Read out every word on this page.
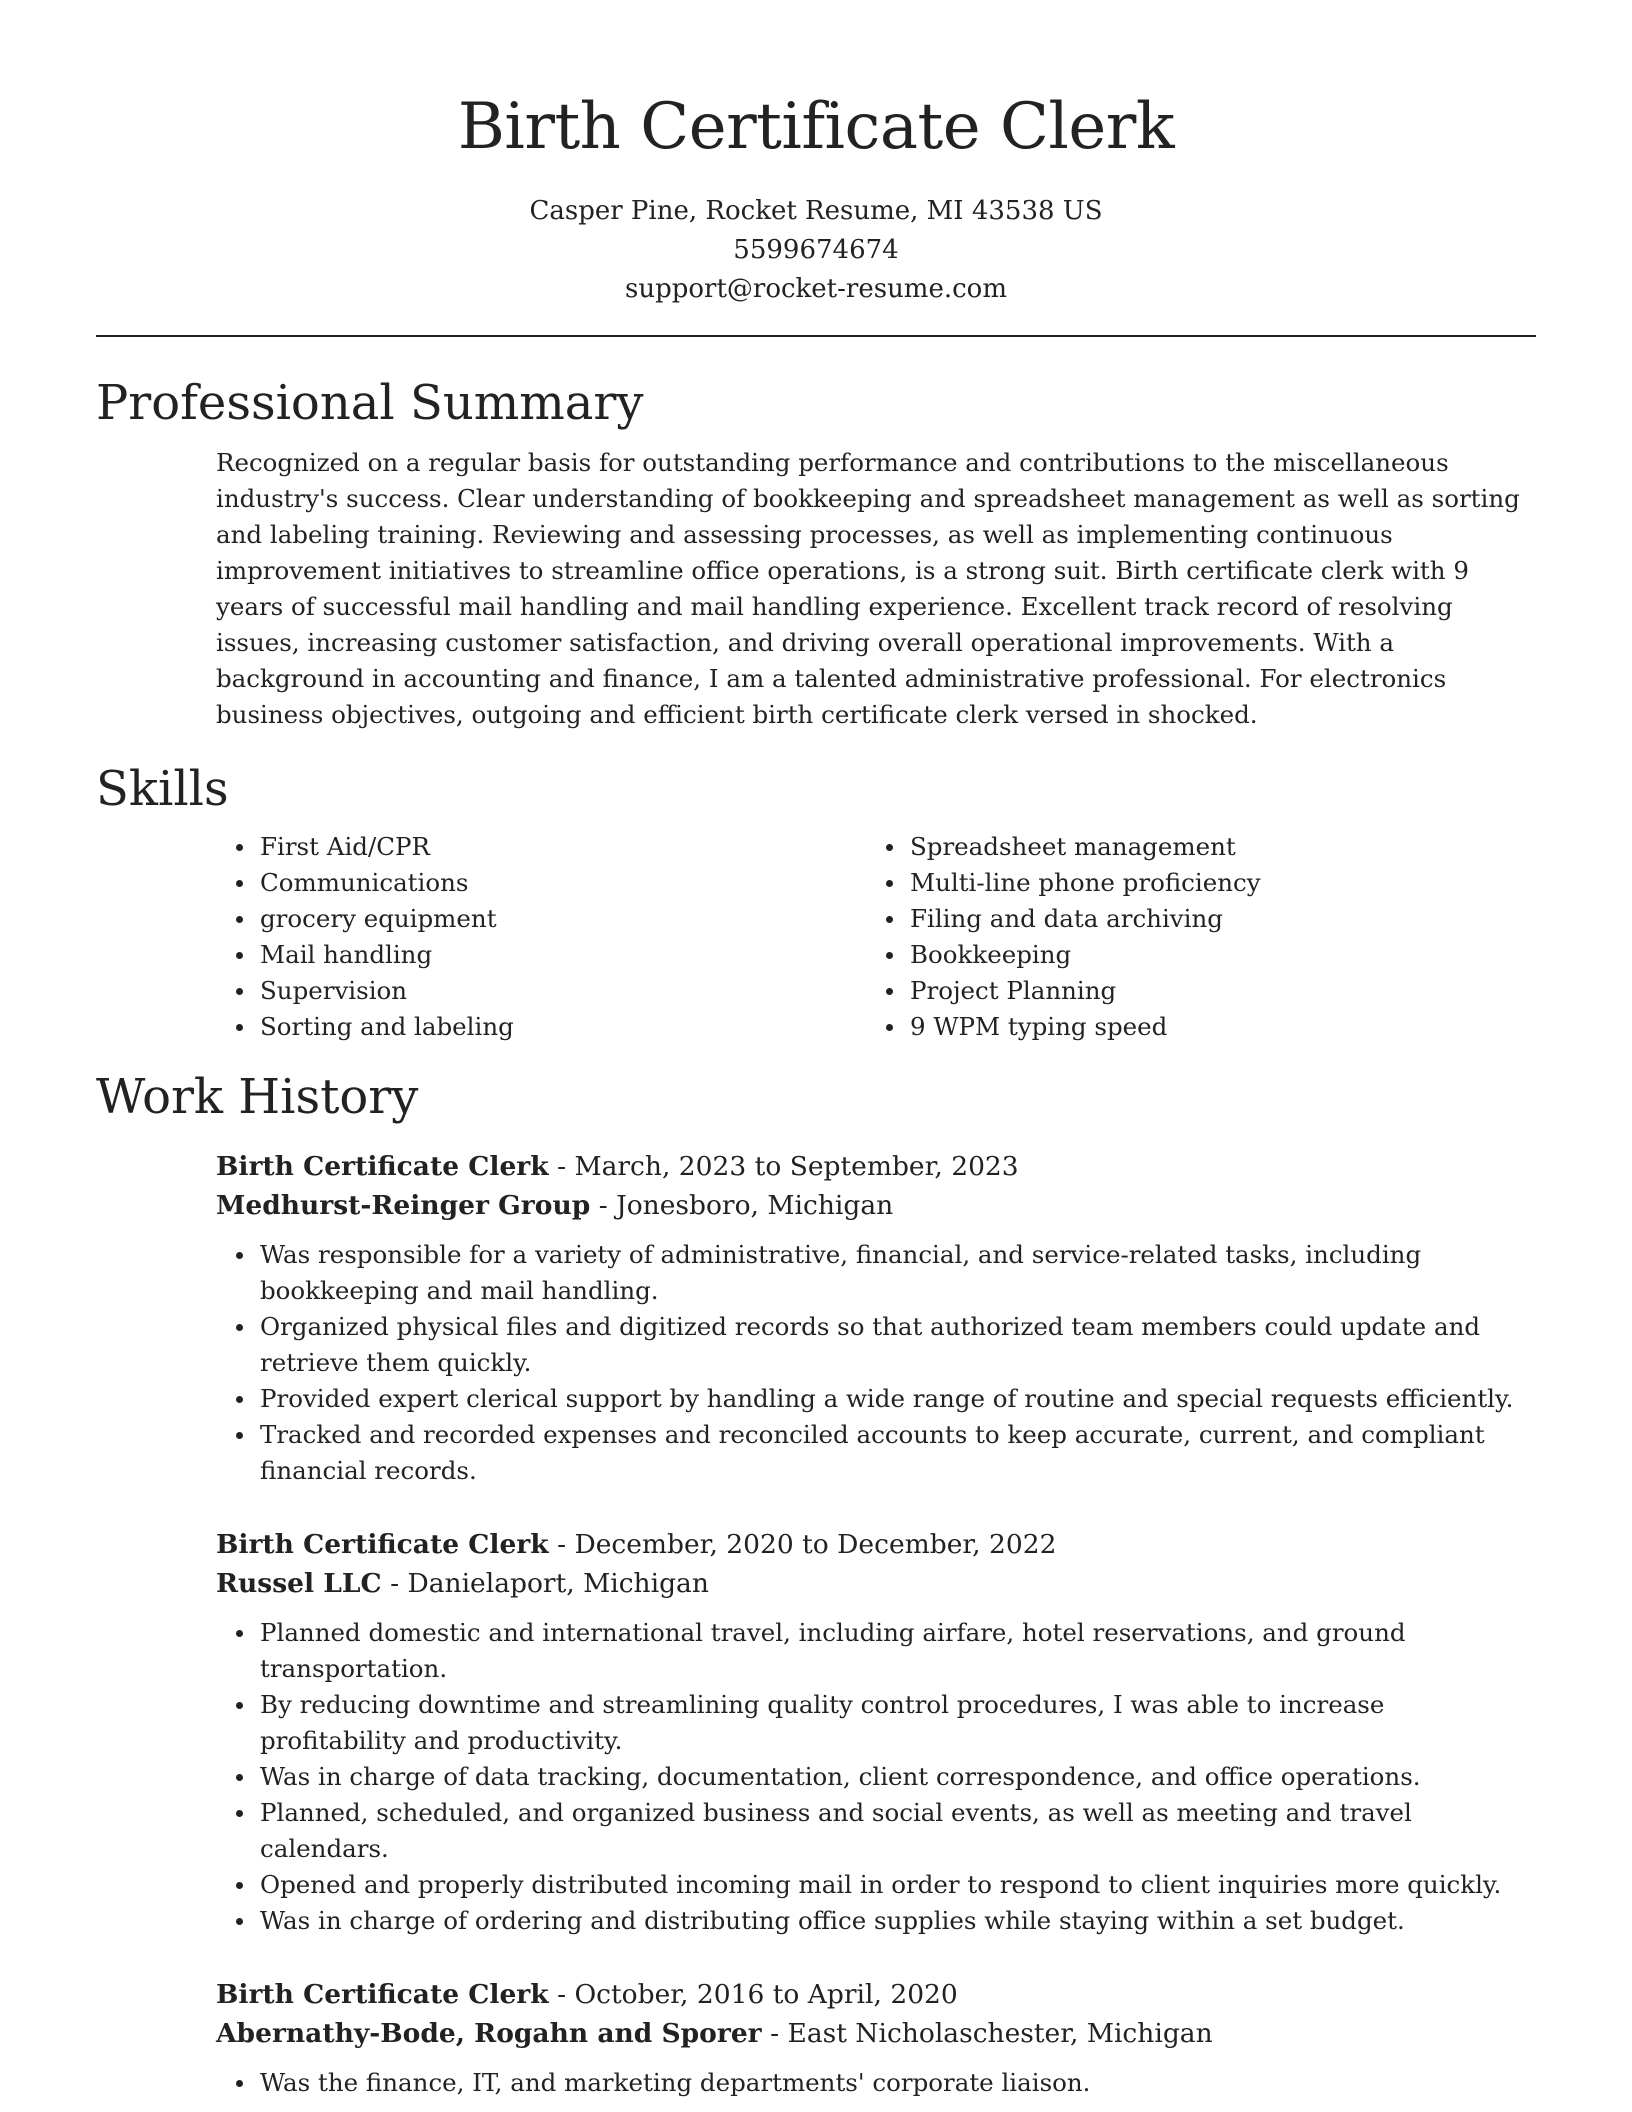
Birth Certificate Clerk
Casper Pine, Rocket Resume, MI 43538 US
5599674674
support@rocket-resume.com
Professional Summary

Recognized on a regular basis for outstanding performance and contributions to the miscellaneous industry's success. Clear understanding of bookkeeping and spreadsheet management as well as sorting and labeling training. Reviewing and assessing processes, as well as implementing continuous improvement initiatives to streamline office operations, is a strong suit. Birth certificate clerk with 9 years of successful mail handling and mail handling experience. Excellent track record of resolving issues, increasing customer satisfaction, and driving overall operational improvements. With a background in accounting and finance, I am a talented administrative professional. For electronics business objectives, outgoing and efficient birth certificate clerk versed in shocked.

Skills
First Aid/CPR
Communications
grocery equipment
Mail handling
Supervision
Sorting and labeling
Spreadsheet management
Multi-line phone proficiency
Filing and data archiving
Bookkeeping
Project Planning
9 WPM typing speed
Work History
Birth Certificate Clerk - March, 2023 to September, 2023
Medhurst-Reinger Group - Jonesboro, Michigan
Was responsible for a variety of administrative, financial, and service-related tasks, including bookkeeping and mail handling.
Organized physical files and digitized records so that authorized team members could update and retrieve them quickly.
Provided expert clerical support by handling a wide range of routine and special requests efficiently.
Tracked and recorded expenses and reconciled accounts to keep accurate, current, and compliant financial records.
Birth Certificate Clerk - December, 2020 to December, 2022
Russel LLC - Danielaport, Michigan
Planned domestic and international travel, including airfare, hotel reservations, and ground transportation.
By reducing downtime and streamlining quality control procedures, I was able to increase profitability and productivity.
Was in charge of data tracking, documentation, client correspondence, and office operations.
Planned, scheduled, and organized business and social events, as well as meeting and travel calendars.
Opened and properly distributed incoming mail in order to respond to client inquiries more quickly.
Was in charge of ordering and distributing office supplies while staying within a set budget.
Birth Certificate Clerk - October, 2016 to April, 2020
Abernathy-Bode, Rogahn and Sporer - East Nicholaschester, Michigan
Was the finance, IT, and marketing departments' corporate liaison.
